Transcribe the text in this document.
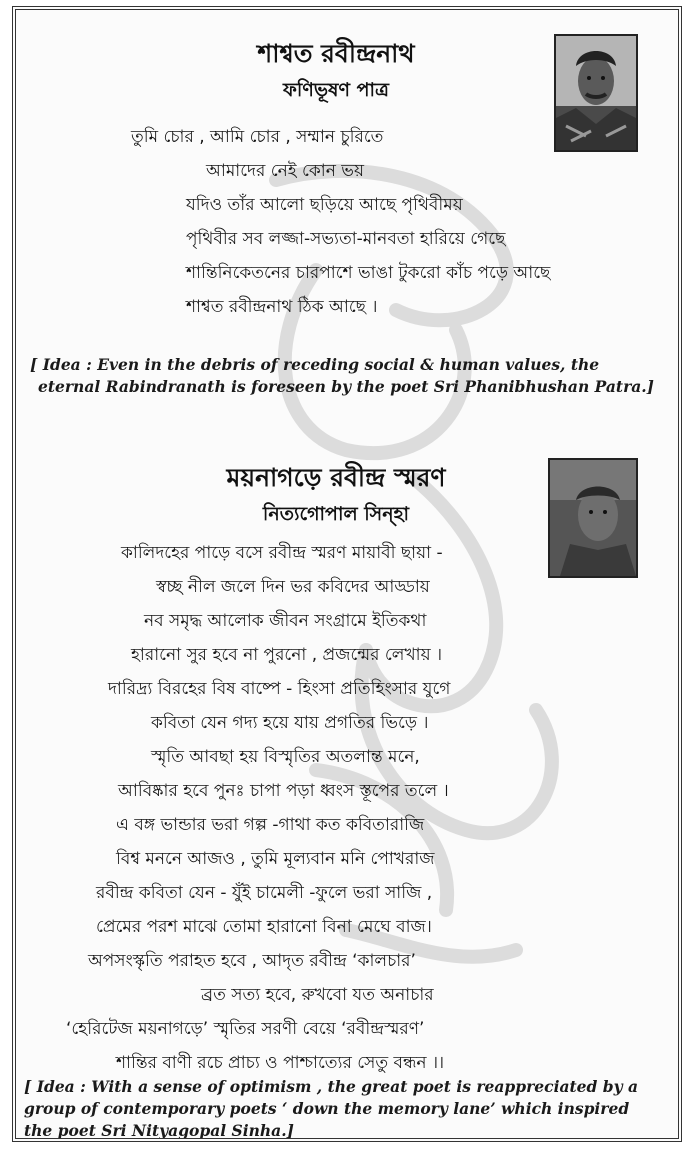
শাশ্বত রবীন্দ্রনাথ
ফণিভূষণ পাত্র
তুমি চোর , আমি চোর , সম্মান চুরিতে
আমাদের নেই কোন ভয়
যদিও তাঁর আলো ছড়িয়ে আছে পৃথিবীময়
পৃথিবীর সব লজ্জা-সভ্যতা-মানবতা হারিয়ে গেছে
শান্তিনিকেতনের চারপাশে ভাঙা টুকরো কাঁচ পড়ে আছে
শাশ্বত রবীন্দ্রনাথ ঠিক আছে ।
[ Idea : Even in the debris of receding social & human values, the
eternal Rabindranath is foreseen by the poet Sri Phanibhushan Patra.]
ময়নাগড়ে রবীন্দ্র স্মরণ
নিত্যগোপাল সিন্‌হা
কালিদহের পাড়ে বসে রবীন্দ্র স্মরণ মায়াবী ছায়া -
স্বচ্ছ নীল জলে দিন ভর কবিদের আড্ডায়
নব সমৃদ্ধ আলোক জীবন সংগ্রামে ইতিকথা
হারানো সুর হবে না পুরনো , প্রজন্মের লেখায় ।
দারিদ্র্য বিরহের বিষ বাষ্পে - হিংসা প্রতিহিংসার যুগে
কবিতা যেন গদ্য হয়ে যায় প্রগতির ভিড়ে ।
স্মৃতি আবছা হয় বিস্মৃতির অতলান্ত মনে,
আবিষ্কার হবে পুনঃ চাপা পড়া ধ্বংস স্তূপের তলে ।
এ বঙ্গ ভান্ডার ভরা গল্প -গাথা কত কবিতারাজি
বিশ্ব মননে আজও , তুমি মূল্যবান মনি পোখরাজ
রবীন্দ্র কবিতা যেন - যুঁই চামেলী -ফুলে ভরা সাজি ,
প্রেমের পরশ মাঝে তোমা হারানো বিনা মেঘে বাজ।
অপসংস্কৃতি পরাহত হবে , আদৃত রবীন্দ্র ‘কালচার’
ব্রত সত্য হবে, রুখবো যত অনাচার
‘হেরিটেজ ময়নাগড়ে’ স্মৃতির সরণী বেয়ে ‘রবীন্দ্রস্মরণ’
শান্তির বাণী রচে প্রাচ্য ও পাশ্চাত্যের সেতু বন্ধন ।।
[ Idea : With a sense of optimism , the great poet is reappreciated by a
group of contemporary poets ‘ down the memory lane’ which inspired
the poet Sri Nityagopal Sinha.]
